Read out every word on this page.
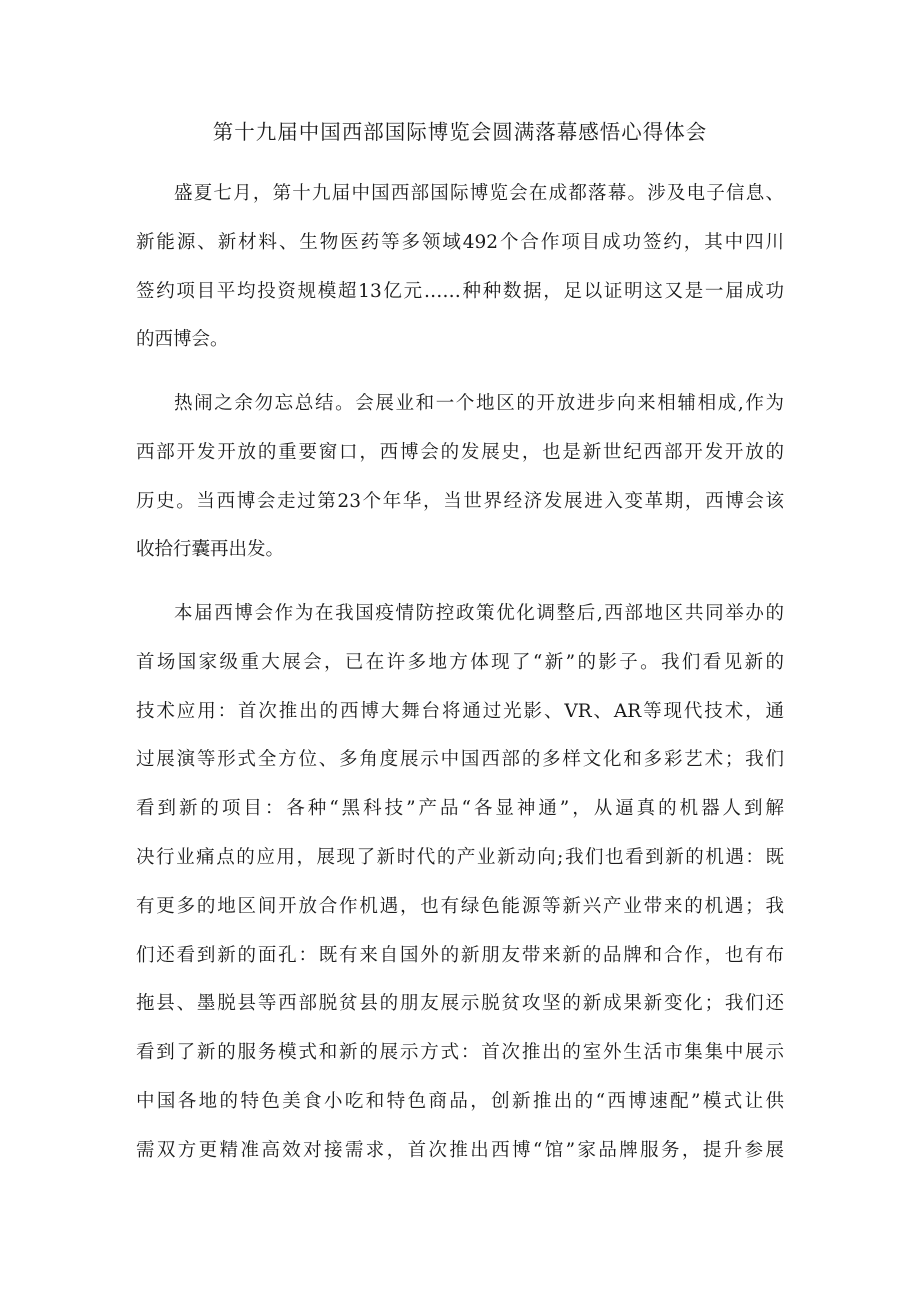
第十九届中国西部国际博览会圆满落幕感悟心得体会

盛夏七月，第十九届中国西部国际博览会在成都落幕。涉及电子信息、
新能源、新材料、生物医药等多领域492个合作项目成功签约，其中四川
签约项目平均投资规模超13亿元……种种数据，足以证明这又是一届成功
的西博会。

热闹之余勿忘总结。会展业和一个地区的开放进步向来相辅相成,作为
西部开发开放的重要窗口，西博会的发展史，也是新世纪西部开发开放的
历史。当西博会走过第23个年华，当世界经济发展进入变革期，西博会该
收拾行囊再出发。

本届西博会作为在我国疫情防控政策优化调整后,西部地区共同举办的
首场国家级重大展会，已在许多地方体现了“新”的影子。我们看见新的
技术应用：首次推出的西博大舞台将通过光影、VR、AR等现代技术，通
过展演等形式全方位、多角度展示中国西部的多样文化和多彩艺术；我们
看到新的项目：各种“黑科技”产品“各显神通”，从逼真的机器人到解
决行业痛点的应用，展现了新时代的产业新动向;我们也看到新的机遇：既
有更多的地区间开放合作机遇，也有绿色能源等新兴产业带来的机遇；我
们还看到新的面孔：既有来自国外的新朋友带来新的品牌和合作，也有布
拖县、墨脱县等西部脱贫县的朋友展示脱贫攻坚的新成果新变化；我们还
看到了新的服务模式和新的展示方式：首次推出的室外生活市集集中展示
中国各地的特色美食小吃和特色商品，创新推出的“西博速配”模式让供
需双方更精准高效对接需求，首次推出西博“馆”家品牌服务，提升参展
